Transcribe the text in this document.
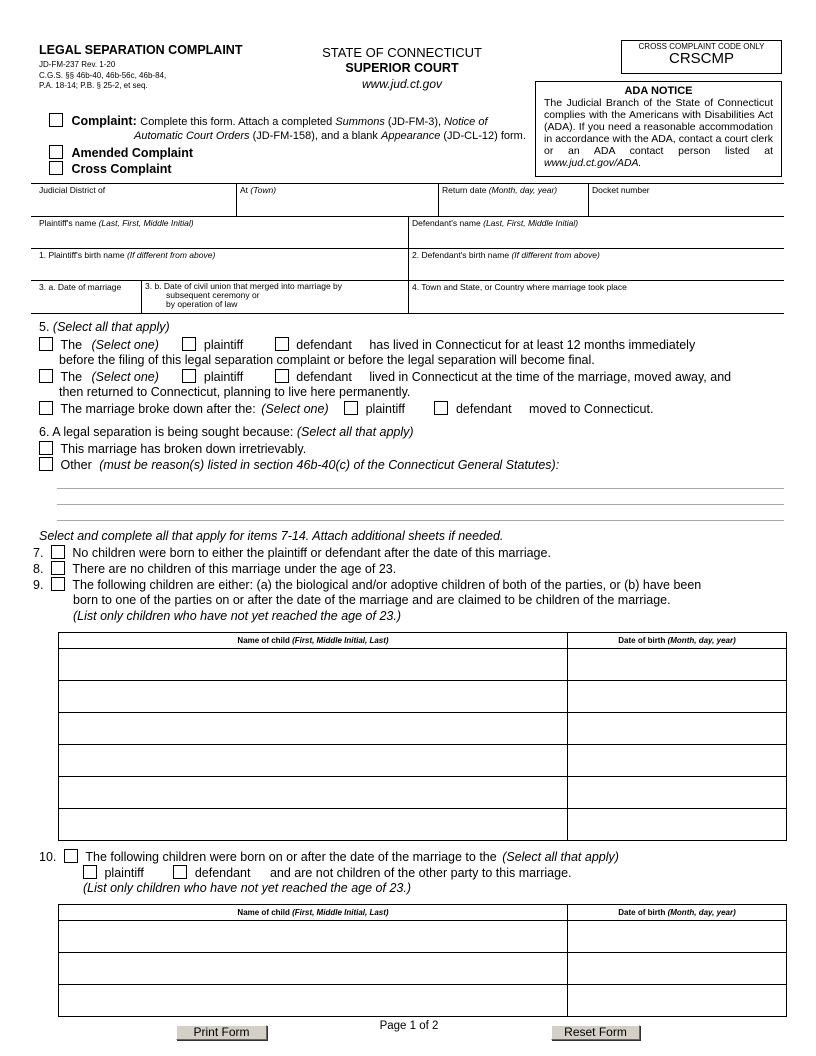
LEGAL SEPARATION COMPLAINT
JD-FM-237 Rev. 1-20
C.G.S. §§ 46b-40, 46b-56c, 46b-84,
P.A. 18-14; P.B. § 25-2, et seq.
STATE OF CONNECTICUT
SUPERIOR COURT
www.jud.ct.gov
CROSS COMPLAINT CODE ONLY
CRSCMP
ADA NOTICE
The Judicial Branch of the State of Connecticut complies with the Americans with Disabilities Act (ADA). If you need a reasonable accommodation in accordance with the ADA, contact a court clerk or an ADA contact person listed at www.jud.ct.gov/ADA.
Complaint: Complete this form. Attach a completed Summons (JD-FM-3), Notice of
Automatic Court Orders (JD-FM-158), and a blank Appearance (JD-CL-12) form.
Amended Complaint
Cross Complaint
Judicial District of	At (Town)	Return date (Month, day, year)	Docket number
Plaintiff's name (Last, First, Middle Initial)	Defendant's name (Last, First, Middle Initial)
1. Plaintiff's birth name (If different from above)	2. Defendant's birth name (If different from above)
3. a. Date of marriage	3. b. Date of civil union that merged into marriage by
subsequent ceremony or
by operation of law
4. Town and State, or Country where marriage took place
5. (Select all that apply)
The (Select one)	plaintiff	defendant has lived in Connecticut for at least 12 months immediately
before the filing of this legal separation complaint or before the legal separation will become final.
The (Select one)	plaintiff	defendant lived in Connecticut at the time of the marriage, moved away, and
then returned to Connecticut, planning to live here permanently.
The marriage broke down after the: (Select one)	plaintiff	defendant moved to Connecticut.
6. A legal separation is being sought because: (Select all that apply)
This marriage has broken down irretrievably.
Other (must be reason(s) listed in section 46b-40(c) of the Connecticut General Statutes):
Select and complete all that apply for items 7-14. Attach additional sheets if needed.
7. No children were born to either the plaintiff or defendant after the date of this marriage.
8. There are no children of this marriage under the age of 23.
9. The following children are either: (a) the biological and/or adoptive children of both of the parties, or (b) have been
born to one of the parties on or after the date of the marriage and are claimed to be children of the marriage.
(List only children who have not yet reached the age of 23.)
Name of child (First, Middle Initial, Last)	Date of birth (Month, day, year)

10. The following children were born on or after the date of the marriage to the (Select all that apply)
plaintiff	defendant and are not children of the other party to this marriage.
(List only children who have not yet reached the age of 23.)
Name of child (First, Middle Initial, Last)	Date of birth (Month, day, year)

Print Form	Page 1 of 2	Reset Form
